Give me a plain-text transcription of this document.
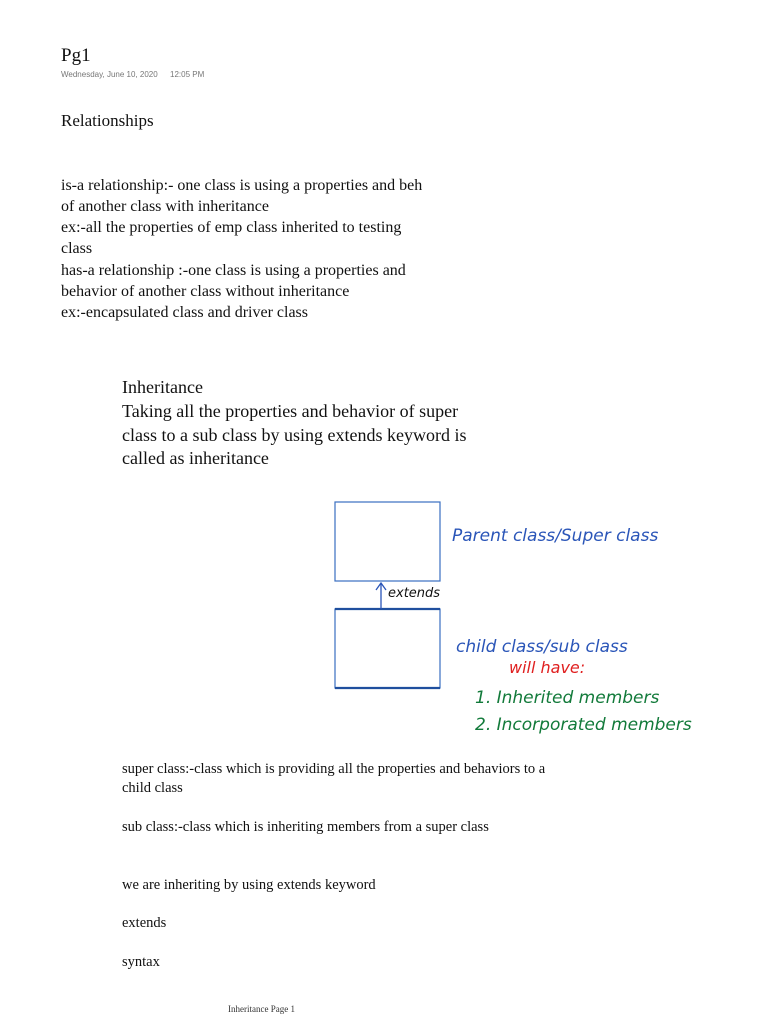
Pg1
Wednesday, June 10, 2020 12:05 PM
Relationships
is-a relationship:- one class is using a properties and beh
of another class with inheritance
ex:-all the properties of emp class inherited to testing
class
has-a relationship :-one class is using a properties and
behavior of another class without inheritance
ex:-encapsulated class and driver class
Inheritance
Taking all the properties and behavior of super
class to a sub class by using extends keyword is
called as inheritance
Parent class/Super class
extends
child class/sub class
will have:
1. Inherited members
2. Incorporated members
super class:-class which is providing all the properties and behaviors to a
child class
sub class:-class which is inheriting members from a super class
we are inheriting by using extends keyword
extends
syntax
Inheritance Page 1
